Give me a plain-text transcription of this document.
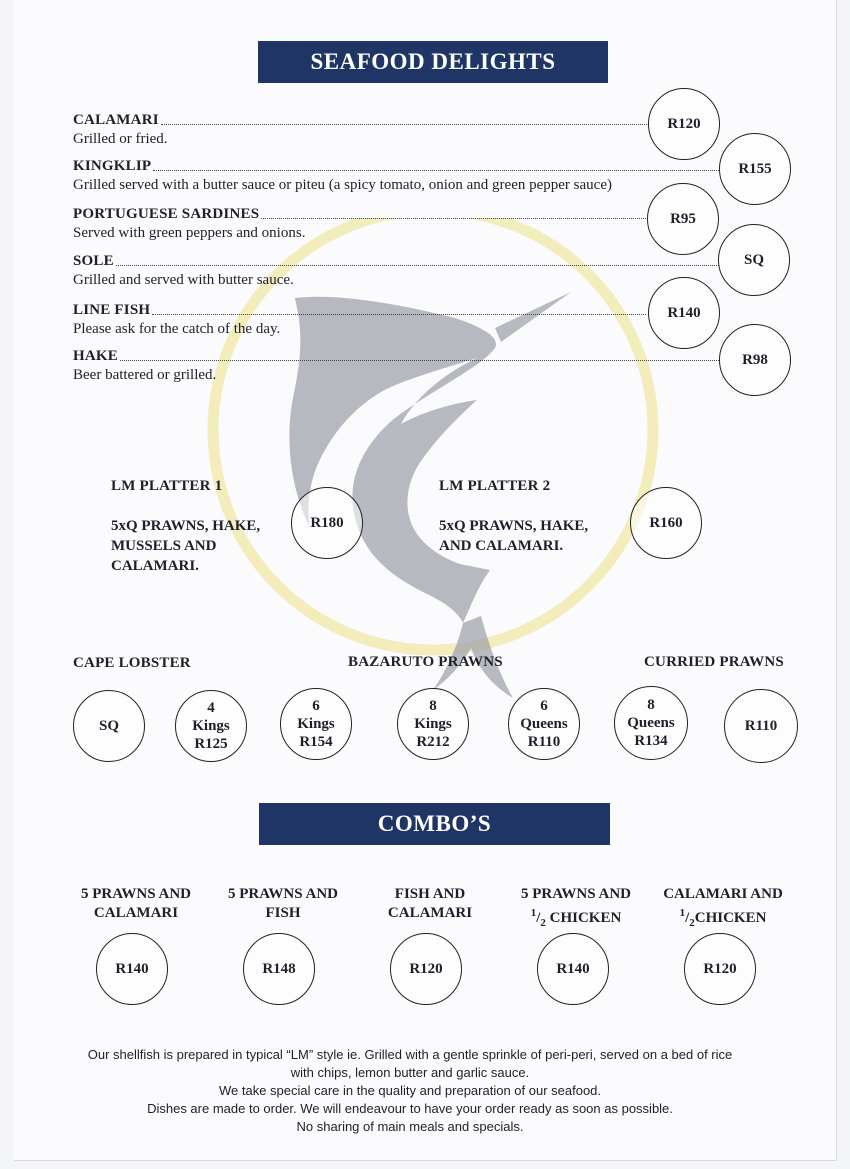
SEAFOOD DELIGHTS
CALAMARI
Grilled or fried.
R120
KINGKLIP
Grilled served with a butter sauce or piteu (a spicy tomato, onion and green pepper sauce)
R155
PORTUGUESE SARDINES
Served with green peppers and onions.
R95
SOLE
Grilled and served with butter sauce.
SQ
LINE FISH
Please ask for the catch of the day.
R140
HAKE
Beer battered or grilled.
R98
LM PLATTER 1
5xQ PRAWNS, HAKE,
MUSSELS AND
CALAMARI.
R180
LM PLATTER 2
5xQ PRAWNS, HAKE,
AND CALAMARI.
R160
CAPE LOBSTER	BAZARUTO PRAWNS	CURRIED PRAWNS
SQ
4
Kings
R125
6
Kings
R154
8
Kings
R212
6
Queens
R110
8
Queens
R134
R110
COMBO’S
5 PRAWNS AND
CALAMARI
5 PRAWNS AND
FISH
FISH AND
CALAMARI
5 PRAWNS AND
$^1/_2$ CHICKEN
CALAMARI AND
$^1/_2CHICKEN$
R140	R148	R120	R140	R120
Our shellfish is prepared in typical “LM” style ie. Grilled with a gentle sprinkle of peri-peri, served on a bed of rice
with chips, lemon butter and garlic sauce.
We take special care in the quality and preparation of our seafood.
Dishes are made to order. We will endeavour to have your order ready as soon as possible.
No sharing of main meals and specials.
